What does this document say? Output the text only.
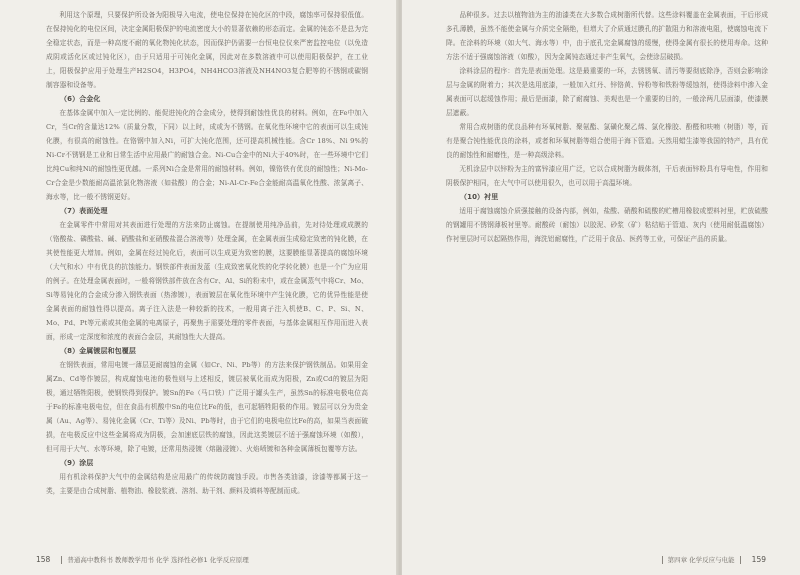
利用这个原理，只要保护所设备为阳极导入电流，使电位保持在钝化区的中段，腐蚀率可保持很低值。在保持钝化的电位区间，决定金属阳极保护的电流密度大小的显著依赖的形态而定。金属的钝态不是总为完全稳定状态，而是一种高度不耐的氧化物钝化状态，因而保护仍需要一台恒电位仪来严密监控电位（以免造成阴或活化区或过钝化区），由于只适用于可钝化金属，因此对在多数溶液中可以使用阳极保护，在工业上，阳极保护应用于处理生产H2SO4，H3PO4，NH4HCO3溶液及NH4NO3复合肥等的不锈钢或碳钢制容器和设备等。

（6）合金化

在基体金属中加入一定比例的、能促进钝化的合金成分，使得到耐蚀性优良的材料。例如，在Fe中加入Cr，当Cr的含量达12%（质量分数，下同）以上时，成或为不锈钢。在氧化性环境中它的表面可以生成钝化膜，有很高的耐蚀性。在铬钢中加入Ni，可扩大钝化范围，还可提高机械性能。含Cr 18%、Ni 9%的Ni-Cr不锈钢是工业和日常生活中应用最广的耐蚀合金。Ni-Cu合金中的Ni大于40%时，在一些环境中它们比纯Cu和纯Ni的耐蚀性更优越。一系列Ni合金是常用的耐蚀材料。例如，镍铬铁有优良的耐蚀性；Ni-Mo-Cr合金是少数能耐高温浓氯化物溶液（如盐酸）的合金；Ni-Al-Cr-Fe合金能耐高温氧化性酸、浓氯离子、海水等，比一般不锈钢更好。

（7）表面处理

在金属零件中常用对其表面进行处理的方法来防止腐蚀。在提制使用纯净品前，先对待处理或成膜的（铬酸盐、磷酸盐、碱、硝酸盐和亚硝酸盐混合溶液等）处理金属，在金属表面生成稳定致密的钝化膜，在其使性能更大增加。例如，金属在经过钝化后，表面可以生成更为致密的膜，这要膜能显著提高的腐蚀环境（大气和水）中有优良的抗蚀能力。钢铁部件表面发蓝（生成致密氧化铁的化学转化膜）也是一个广为应用的例子。在处理金属表面时，一般将钢铁部件放在含有Cr、Al、Si的粉末中，或在金属蒸气中将Cr、Mo、Si等易钝化的合金成分渗入钢铁表面（热渗镀），表面镀层在氧化性环境中产生钝化膜，它的优异性能是使金属表面的耐蚀性得以提高。离子注入法是一种较新的技术，一般用离子注入机使B、C、P、Si、N、Mo、Pd、Pt等元素或其他金属的电离原子，再聚焦于需要处理的零件表面，与基体金属相互作用而进入表面，形成一定深度和浓度的表面合金层，其耐蚀性大大提高。

（8）金属镀层和包覆层

在钢铁表面，常用电镀一薄层更耐腐蚀的金属（如Cr、Ni、Pb等）的方法来保护钢铁制品。如果用金属Zn、Cd等作镀层，构成腐蚀电池的极性则与上述相反，镀层被氧化而成为阳极，Zn或Cd的镀层为阳极，通过牺牲阳极，使钢铁得到保护。镀Sn的Fe（马口铁）广泛用于罐头生产，虽然Sn的标准电极电位高于Fe的标准电极电位，但在食品有机酸中Sn的电位比Fe的低，也可起牺牲阳极的作用。镀层可以分为贵金属（Au、Ag等）、易钝化金属（Cr、Ti等）及Ni、Pb等时，由于它们的电极电位比Fe的高，如果当表面破损，在电极反应中这些金属将成为阴极，会加速底层铁的腐蚀，因此这类镀层不适于强腐蚀环境（如酸），但可用于大气、水等环境，除了电镀，还常用热浸镀（熔融浸镀）、火焰喷镀和各种金属薄板包覆等方法。

（9）涂层

用有机涂料保护大气中的金属结构是应用最广的传统防腐蚀手段。市售各类油漆，涂漆等都属于这一类，主要是由合成树脂、植物油、橡胶浆液、溶剂、助干剂、颜料及填料等配制而成。

158	普通高中教科书 教师教学用书 化学 选择性必修1 化学反应原理

品种很多。过去以植物油为主的油漆类在大多数合成树脂所代替。这些涂料覆盖在金属表面，干后形成多孔薄膜，虽然不能使金属与介质完全隔绝，但增大了介质通过膜孔的扩散阻力和溶液电阻，使腐蚀电流下降。在涂料的环境（如大气、海水等）中，由于底孔完金属腐蚀的缓慢，使得金属有很长的使用寿命。这种方法不适于强腐蚀溶液（如酸），因为金属钝态通过非产生氧气，会使涂层破损。

涂料涂层的程序：首先是表面处理。这是最重要的一环，去锈锈氧、清污等要彻底除净，否则会影响涂层与金属的附着力；其次是选用底漆，一般加入红丹、锌铬黄、锌粉等和铁粉等缓蚀剂，使得涂料中渗入金属表面可以起缓蚀作用；最后是面漆，除了耐腐蚀、美观也是一个重要的目的，一般涂两几层面漆，使漆膜层遮蔽。

常用合成树脂的优良品种有环氧树脂、聚氨酯、氯磺化聚乙烯、氯化橡胶、酚醛和呋喃（树脂）等，而有是聚合钝性能优良的涂料，或者和环氧树脂等组合使用于海下管道。天然用蜡生漆等我国的特产，具有优良的耐蚀性和耐磨性，是一种高级涂料。

无机涂层中以锌粉为主的富锌漆应用广泛，它以合成树脂为载体剂，干后表面锌粉具有导电性，作用和阴极保护相同，在大气中可以使用很久，也可以用于高温环境。

（10）衬里

适用于腐蚀腐蚀介质强接触的设备内部，例如，盐酸、硝酸和硫酸的贮槽用橡胶或塑料衬里，贮放硫酸的钢罐用不锈钢薄板衬里等。耐酸砖（耐蚀）以胶泥、砂浆（矿）粘结贴于管道、灰内（使用耐低温腐蚀）作衬里层时可以起隔热作用，海洗铝耐腐性，广泛用于食品、医药等工业，可保证产品的质量。

第四章 化学反应与电能 159
